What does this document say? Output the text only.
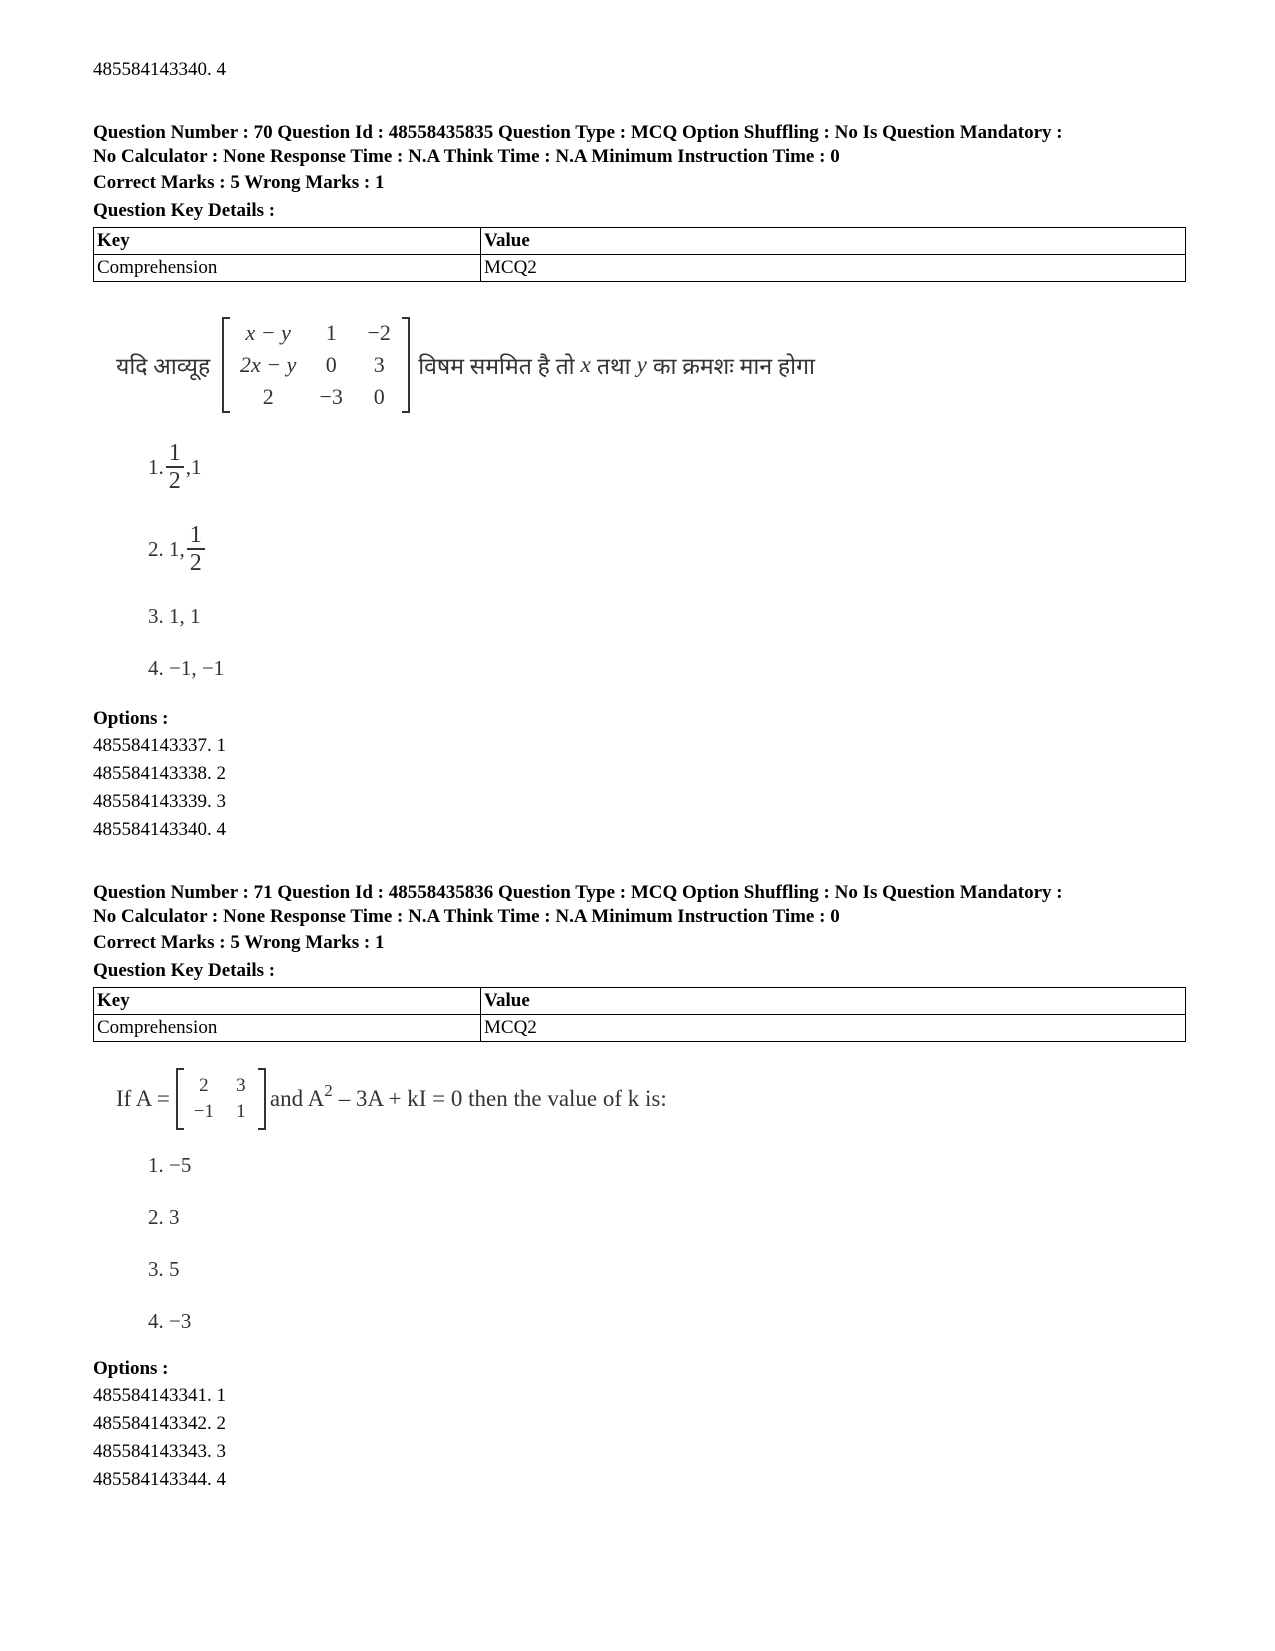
485584143340. 4
Question Number : 70 Question Id : 48558435835 Question Type : MCQ Option Shuffling : No Is Question Mandatory :
No Calculator : None Response Time : N.A Think Time : N.A Minimum Instruction Time : 0
Correct Marks : 5 Wrong Marks : 1
Question Key Details :
Key	Value
Comprehension	MCQ2
यदि आव्यूह
x − y	1	−2
2x − y	0	3
2	−3	0
विषम सममित है तो x तथा y का क्रमशः मान होगा
1. $\frac{1}{2} ,1$
2. 1, $\frac{1}{2}$
3. 1, 1
4. −1, −1
Options :
485584143337. 1
485584143338. 2
485584143339. 3
485584143340. 4
Question Number : 71 Question Id : 48558435836 Question Type : MCQ Option Shuffling : No Is Question Mandatory :
No Calculator : None Response Time : N.A Think Time : N.A Minimum Instruction Time : 0
Correct Marks : 5 Wrong Marks : 1
Question Key Details :
Key	Value
Comprehension	MCQ2
If A =
2	3
−1	1
and $A^2 - 3A$ + kI = 0 then the value of k is:
1. −5
2. 3
3. 5
4. −3
Options :
485584143341. 1
485584143342. 2
485584143343. 3
485584143344. 4
